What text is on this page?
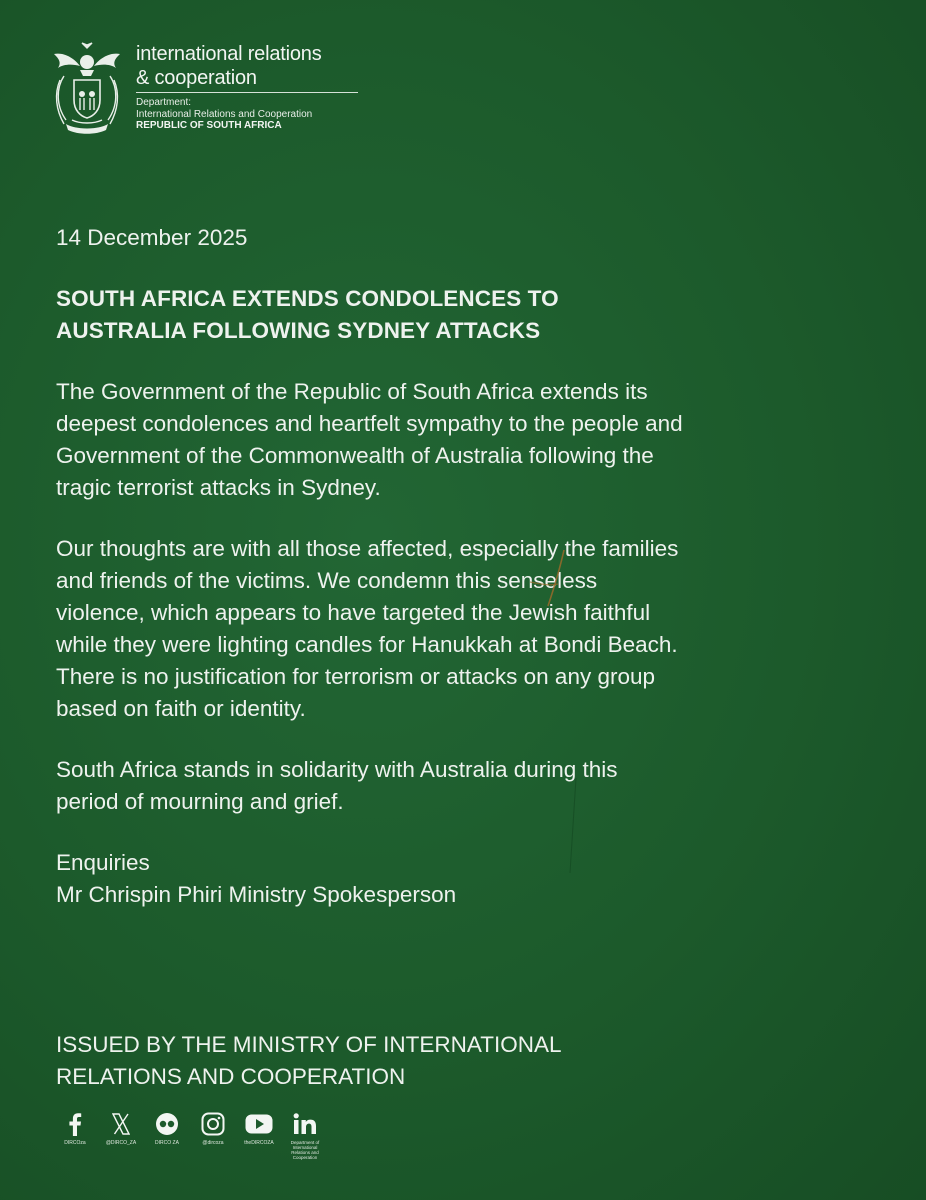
international relations
& cooperation
Department:
International Relations and Cooperation
REPUBLIC OF SOUTH AFRICA

14 December 2025

SOUTH AFRICA EXTENDS CONDOLENCES TO
AUSTRALIA FOLLOWING SYDNEY ATTACKS

The Government of the Republic of South Africa extends its
deepest condolences and heartfelt sympathy to the people and
Government of the Commonwealth of Australia following the
tragic terrorist attacks in Sydney.

Our thoughts are with all those affected, especially the families
and friends of the victims. We condemn this senseless
violence, which appears to have targeted the Jewish faithful
while they were lighting candles for Hanukkah at Bondi Beach.
There is no justification for terrorism or attacks on any group
based on faith or identity.

South Africa stands in solidarity with Australia during this
period of mourning and grief.

Enquiries
Mr Chrispin Phiri Ministry Spokesperson

ISSUED BY THE MINISTRY OF INTERNATIONAL
RELATIONS AND COOPERATION
DIRCOza	@DIRCO_ZA	DIRCO ZA	@dircoza	theDIRCOZA	Department of International Relations and Cooperation
